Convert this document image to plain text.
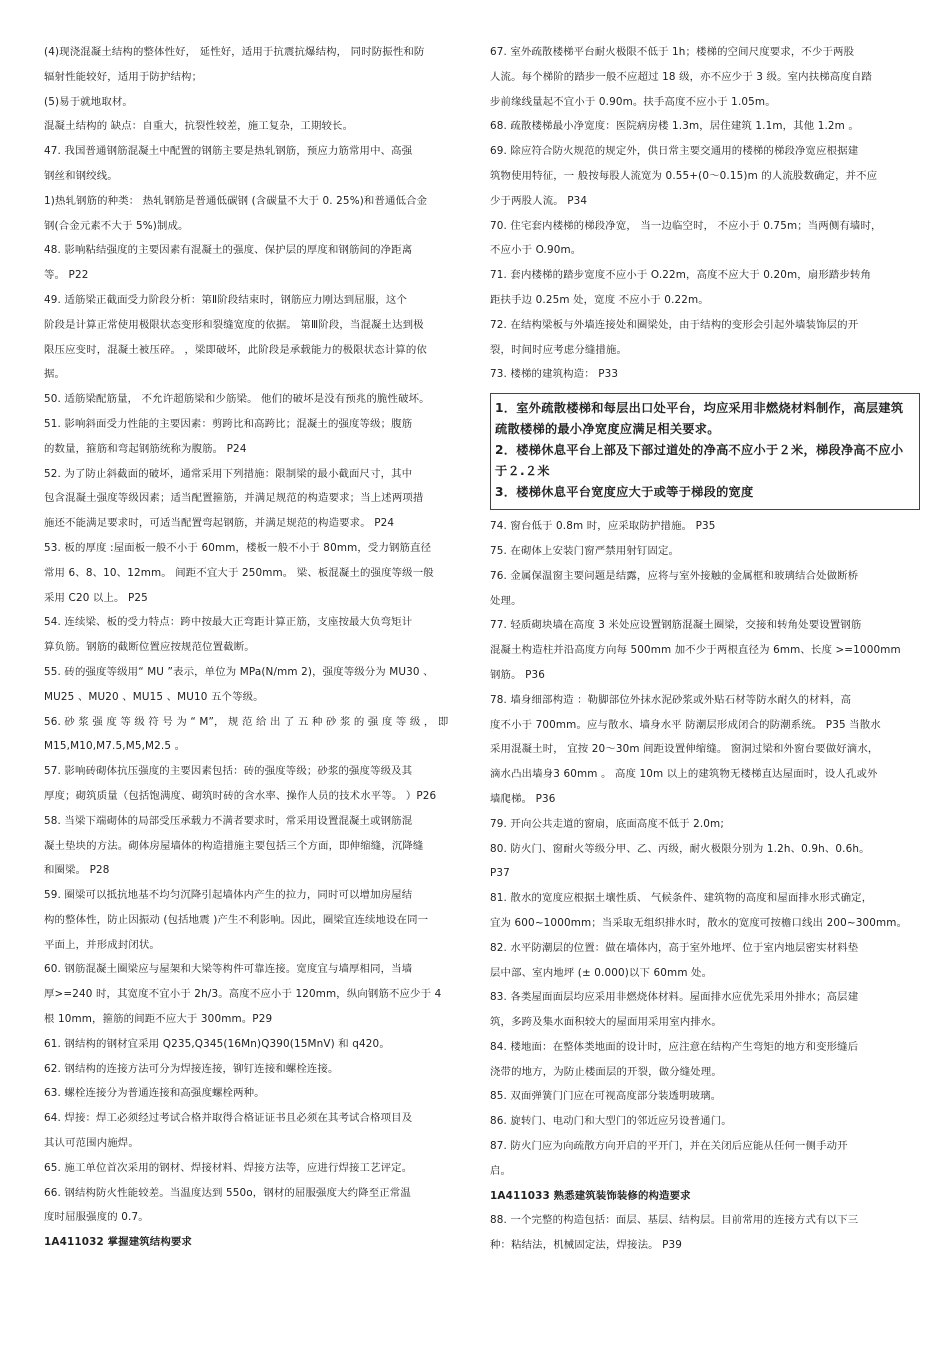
(4)现浇混凝土结构的整体性好， 延性好，适用于抗震抗爆结构， 同时防振性和防
辐射性能较好，适用于防护结构；
(5)易于就地取材。
混凝土结构的 缺点：自重大，抗裂性较差，施工复杂，工期较长。
47. 我国普通钢筋混凝土中配置的钢筋主要是热轧钢筋，预应力筋常用中、高强
钢丝和钢绞线。
1)热轧钢筋的种类： 热轧钢筋是普通低碳钢 (含碳量不大于 0. 25%)和普通低合金
钢(合金元素不大于 5%)制成。
48. 影响粘结强度的主要因素有混凝土的强度、保护层的厚度和钢筋间的净距离
等。 P22
49. 适筋梁正截面受力阶段分析：第Ⅱ阶段结束时，钢筋应力刚达到屈服，这个
阶段是计算正常使用极限状态变形和裂缝宽度的依据。 第Ⅲ阶段，当混凝土达到极
限压应变时，混凝土被压碎。 ，梁即破坏，此阶段是承载能力的极限状态计算的依
据。
50. 适筋梁配筋量， 不允许超筋梁和少筋梁。 他们的破坏是没有预兆的脆性破坏。
51. 影响斜面受力性能的主要因素：剪跨比和高跨比；混凝土的强度等级；腹筋
的数量，箍筋和弯起钢筋统称为腹筋。 P24
52. 为了防止斜截面的破坏，通常采用下列措施：限制梁的最小截面尺寸，其中
包含混凝土强度等级因素；适当配置箍筋，并满足规范的构造要求；当上述两项措
施还不能满足要求时，可适当配置弯起钢筋，并满足规范的构造要求。 P24
53. 板的厚度 :屋面板一般不小于 60mm，楼板一般不小于 80mm，受力钢筋直径
常用 6、8、10、12mm。 间距不宜大于 250mm。 梁、板混凝土的强度等级一般
采用 C20 以上。 P25
54. 连续梁、板的受力特点：跨中按最大正弯距计算正筋，支座按最大负弯矩计
算负筋。钢筋的截断位置应按规范位置截断。
55. 砖的强度等级用“ MU ”表示，单位为 MPa(N/mm 2)，强度等级分为 MU30 、
MU25 、MU20 、MU15 、MU10 五个等级。
56. 砂 浆 强 度 等 级 符 号 为 “ M”， 规 范 给 出 了 五 种 砂 浆 的 强 度 等 级 ， 即
M15,M10,M7.5,M5,M2.5 。
57. 影响砖砌体抗压强度的主要因素包括：砖的强度等级；砂浆的强度等级及其
厚度；砌筑质量（包括饱满度、砌筑时砖的含水率、操作人员的技术水平等。 ）P26
58. 当梁下端砌体的局部受压承载力不满者要求时，常采用设置混凝土或钢筋混
凝土垫块的方法。砌体房屋墙体的构造措施主要包括三个方面，即伸缩缝，沉降缝
和圈梁。 P28
59. 圈梁可以抵抗地基不均匀沉降引起墙体内产生的拉力，同时可以增加房屋结
构的整体性，防止因振动 (包括地震 )产生不利影响。因此，圈梁宜连续地设在同一
平面上，并形成封闭状。
60. 钢筋混凝土圈梁应与屋架和大梁等构件可靠连接。宽度宜与墙厚相同，当墙
厚>=240 时，其宽度不宜小于 2h/3。高度不应小于 120mm，纵向钢筋不应少于 4
根 10mm，箍筋的间距不应大于 300mm。P29
61. 钢结构的钢材宜采用 Q235,Q345(16Mn)Q390(15MnV) 和 q420。
62. 钢结构的连接方法可分为焊接连接，铆钉连接和螺栓连接。
63. 螺栓连接分为普通连接和高强度螺栓两种。
64. 焊接：焊工必须经过考试合格并取得合格证证书且必须在其考试合格项目及
其认可范围内施焊。
65. 施工单位首次采用的钢材、焊接材料、焊接方法等，应进行焊接工艺评定。
66. 钢结构防火性能较差。当温度达到 550o，钢材的屈服强度大约降至正常温
度时屈服强度的 0.7。
1A411032 掌握建筑结构要求
67. 室外疏散楼梯平台耐火极限不低于 1h；楼梯的空间尺度要求，不少于两股
人流。每个梯阶的踏步一般不应超过 18 级，亦不应少于 3 级。室内扶梯高度自踏
步前缘线量起不宜小于 0.90m。扶手高度不应小于 1.05m。
68. 疏散楼梯最小净宽度：医院病房楼 1.3m，居住建筑 1.1m，其他 1.2m 。
69. 除应符合防火规范的规定外，供日常主要交通用的楼梯的梯段净宽应根据建
筑物使用特征，一 般按每股人流宽为 0.55+(0～0.15)m 的人流股数确定，并不应
少于两股人流。 P34
70. 住宅套内楼梯的梯段净宽， 当一边临空时， 不应小于 0.75m；当两侧有墙时，
不应小于 O.90m。
71. 套内楼梯的踏步宽度不应小于 O.22m，高度不应大于 0.20m，扇形踏步转角
距扶手边 0.25m 处，宽度 不应小于 0.22m。
72. 在结构梁板与外墙连接处和圈梁处，由于结构的变形会引起外墙装饰层的开
裂，时间时应考虑分缝措施。
73. 楼梯的建筑构造： P33
1．室外疏散楼梯和每层出口处平台，均应采用非燃烧材料制作，高层建筑
疏散楼梯的最小净宽度应满足相关要求。
2．楼梯休息平台上部及下部过道处的净高不应小于２米，梯段净高不应小
于２.２米
3．楼梯休息平台宽度应大于或等于梯段的宽度
74. 窗台低于 0.8m 时，应采取防护措施。 P35
75. 在砌体上安装门窗严禁用射钉固定。
76. 金属保温窗主要问题是结露，应将与室外接触的金属框和玻璃结合处做断桥
处理。
77. 轻质砌块墙在高度 3 米处应设置钢筋混凝土圈梁，交接和转角处要设置钢筋
混凝土构造柱并沿高度方向每 500mm 加不少于两根直径为 6mm、长度 >=1000mm
钢筋。 P36
78. 墙身细部构造 ：勒脚部位外抹水泥砂浆或外贴石材等防水耐久的材料，高
度不小于 700mm。应与散水、墙身水平 防潮层形成闭合的防潮系统。 P35 当散水
采用混凝土时， 宜按 20～30m 间距设置伸缩缝。 窗洞过梁和外窗台要做好滴水，
滴水凸出墙身3 60mm 。 高度 10m 以上的建筑物无楼梯直达屋面时，设人孔或外
墙爬梯。 P36
79. 开向公共走道的窗扇，底面高度不低于 2.0m;
80. 防火门、窗耐火等级分甲、乙、丙级，耐火极限分别为 1.2h、0.9h、0.6h。
P37
81. 散水的宽度应根据土壤性质、 气候条件、建筑物的高度和屋面排水形式确定，
宜为 600~1000mm；当采取无组织排水时，散水的宽度可按檐口线出 200~300mm。
82. 水平防潮层的位置：做在墙体内，高于室外地坪、位于室内地层密实材料垫
层中部、室内地坪 (± 0.000)以下 60mm 处。
83. 各类屋面面层均应采用非燃烧体材料。屋面排水应优先采用外排水；高层建
筑，多跨及集水面积较大的屋面用采用室内排水。
84. 楼地面：在整体类地面的设计时，应注意在结构产生弯矩的地方和变形缝后
浇带的地方，为防止楼面层的开裂，做分缝处理。
85. 双面弹簧门门应在可视高度部分装透明玻璃。
86. 旋转门、电动门和大型门的邻近应另设普通门。
87. 防火门应为向疏散方向开启的平开门，并在关闭后应能从任何一侧手动开
启。
1A411033 熟悉建筑装饰装修的构造要求
88. 一个完整的构造包括：面层、基层、结构层。目前常用的连接方式有以下三
种：粘结法，机械固定法，焊接法。 P39
